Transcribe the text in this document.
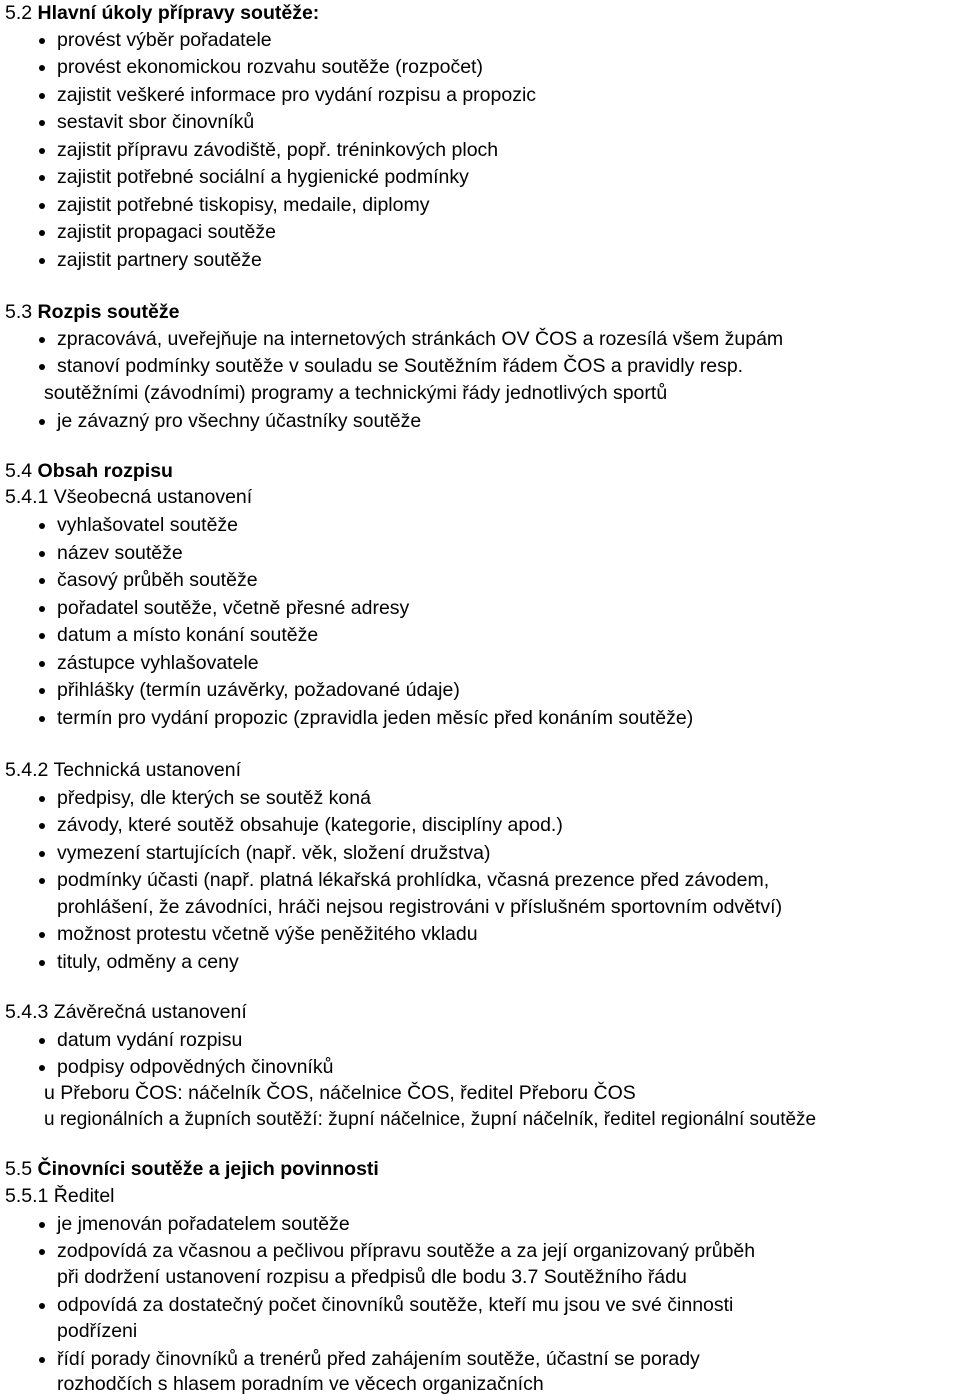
5.2 Hlavní úkoly přípravy soutěže:
provést výběr pořadatele
provést ekonomickou rozvahu soutěže (rozpočet)
zajistit veškeré informace pro vydání rozpisu a propozic
sestavit sbor činovníků
zajistit přípravu závodiště, popř. tréninkových ploch
zajistit potřebné sociální a hygienické podmínky
zajistit potřebné tiskopisy, medaile, diplomy
zajistit propagaci soutěže
zajistit partnery soutěže
5.3 Rozpis soutěže
zpracovává, uveřejňuje na internetových stránkách OV ČOS a rozesílá všem župám
stanoví podmínky soutěže v souladu se Soutěžním řádem ČOS a pravidly resp.
soutěžními (závodními) programy a technickými řády jednotlivých sportů
je závazný pro všechny účastníky soutěže
5.4 Obsah rozpisu
5.4.1 Všeobecná ustanovení
vyhlašovatel soutěže
název soutěže
časový průběh soutěže
pořadatel soutěže, včetně přesné adresy
datum a místo konání soutěže
zástupce vyhlašovatele
přihlášky (termín uzávěrky, požadované údaje)
termín pro vydání propozic (zpravidla jeden měsíc před konáním soutěže)
5.4.2 Technická ustanovení
předpisy, dle kterých se soutěž koná
závody, které soutěž obsahuje (kategorie, disciplíny apod.)
vymezení startujících (např. věk, složení družstva)
podmínky účasti (např. platná lékařská prohlídka, včasná prezence před závodem,
prohlášení, že závodníci, hráči nejsou registrováni v příslušném sportovním odvětví)
možnost protestu včetně výše peněžitého vkladu
tituly, odměny a ceny
5.4.3 Závěrečná ustanovení
datum vydání rozpisu
podpisy odpovědných činovníků
u Přeboru ČOS: náčelník ČOS, náčelnice ČOS, ředitel Přeboru ČOS
u regionálních a župních soutěží: župní náčelnice, župní náčelník, ředitel regionální soutěže
5.5 Činovníci soutěže a jejich povinnosti
5.5.1 Ředitel
je jmenován pořadatelem soutěže
zodpovídá za včasnou a pečlivou přípravu soutěže a za její organizovaný průběh
při dodržení ustanovení rozpisu a předpisů dle bodu 3.7 Soutěžního řádu
odpovídá za dostatečný počet činovníků soutěže, kteří mu jsou ve své činnosti
podřízeni
řídí porady činovníků a trenérů před zahájením soutěže, účastní se porady
rozhodčích s hlasem poradním ve věcech organizačních
